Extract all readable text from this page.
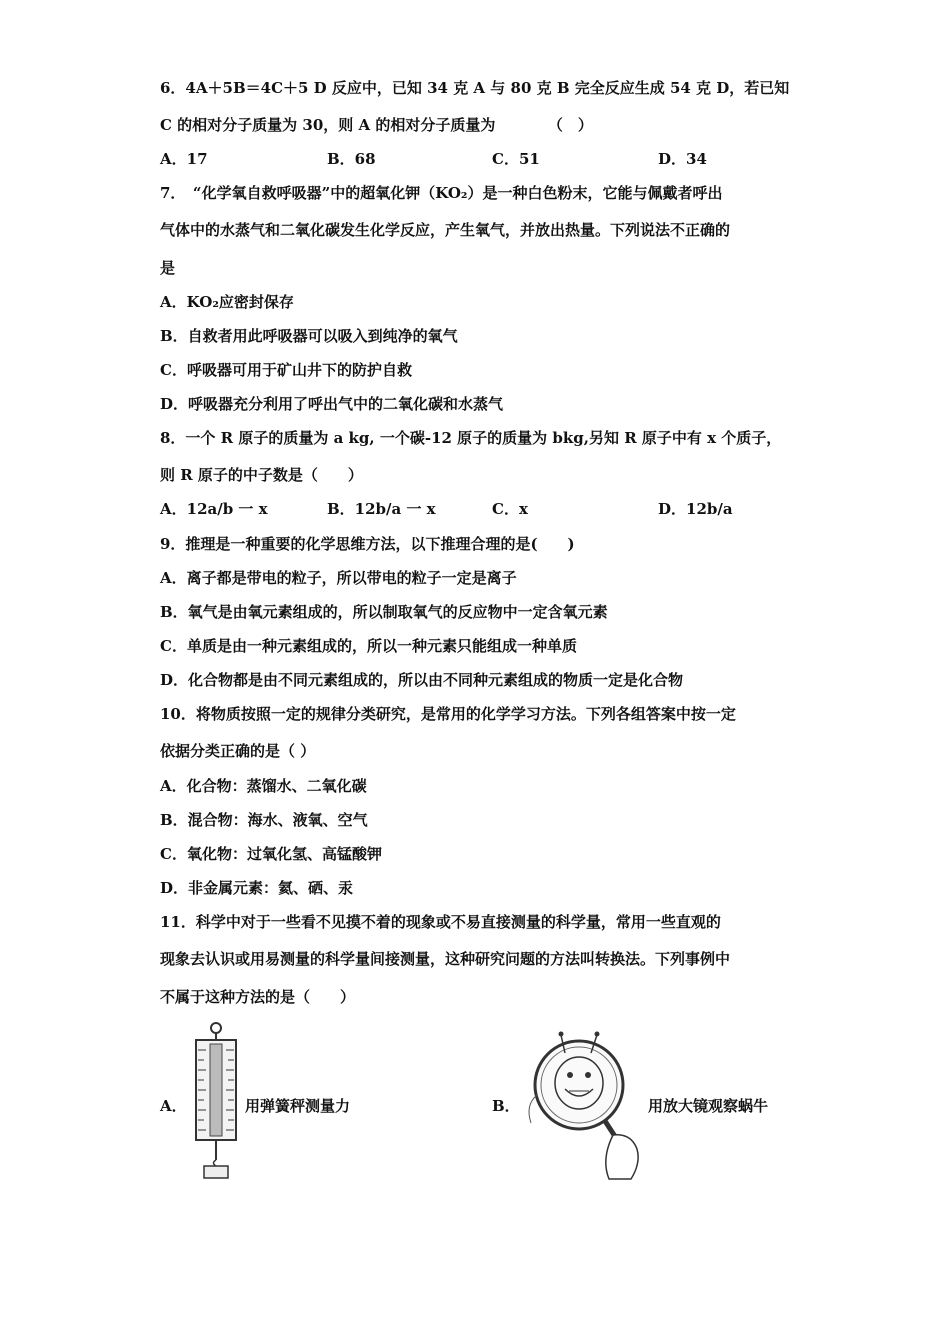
6．4A＋5B＝4C＋5 D 反应中，已知 34 克 A 与 80 克 B 完全反应生成 54 克 D，若已知
C 的相对分子质量为 30，则 A 的相对分子质量为　　　　（　）
A．17	B．68	C．51	D．34
7．　“化学氧自救呼吸器”中的超氧化钾（KO₂）是一种白色粉末，它能与佩戴者呼出
气体中的水蒸气和二氧化碳发生化学反应，产生氧气，并放出热量。下列说法不正确的
是
A．KO₂应密封保存
B．自救者用此呼吸器可以吸入到纯净的氧气
C．呼吸器可用于矿山井下的防护自救
D．呼吸器充分利用了呼出气中的二氧化碳和水蒸气
8．一个 R 原子的质量为 a kg, 一个碳-12 原子的质量为 bkg,另知 R 原子中有 x 个质子，
则 R 原子的中子数是（　　）
A．12a/b 一 x	B．12b/a 一 x	C．x	D．12b/a
9．推理是一种重要的化学思维方法，以下推理合理的是(　　)
A．离子都是带电的粒子，所以带电的粒子一定是离子
B．氧气是由氧元素组成的，所以制取氧气的反应物中一定含氧元素
C．单质是由一种元素组成的，所以一种元素只能组成一种单质
D．化合物都是由不同元素组成的，所以由不同种元素组成的物质一定是化合物
10．将物质按照一定的规律分类研究，是常用的化学学习方法。下列各组答案中按一定
依据分类正确的是（ ）
A．化合物：蒸馏水、二氧化碳
B．混合物：海水、液氧、空气
C．氧化物：过氧化氢、高锰酸钾
D．非金属元素：氦、硒、汞
11．科学中对于一些看不见摸不着的现象或不易直接测量的科学量，常用一些直观的
现象去认识或用易测量的科学量间接测量，这种研究问题的方法叫转换法。下列事例中
不属于这种方法的是（　　）
A．	用弹簧秤测量力	B．	用放大镜观察蜗牛
